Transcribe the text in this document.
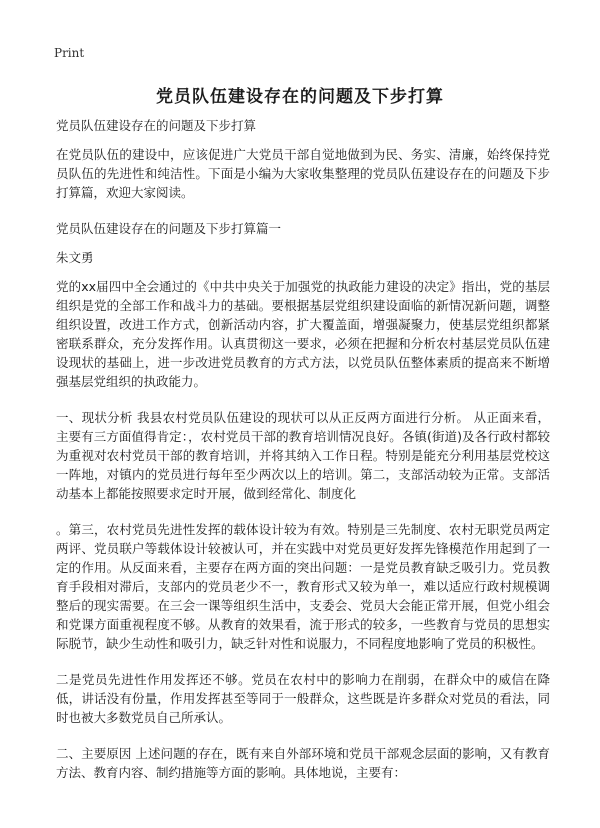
Print
党员队伍建设存在的问题及下步打算

党员队伍建设存在的问题及下步打算

在党员队伍的建设中，应该促进广大党员干部自觉地做到为民、务实、清廉，始终保持党员队伍的先进性和纯洁性。下面是小编为大家收集整理的党员队伍建设存在的问题及下步打算篇，欢迎大家阅读。

党员队伍建设存在的问题及下步打算篇一

朱文勇

党的xx届四中全会通过的《中共中央关于加强党的执政能力建设的决定》指出，党的基层组织是党的全部工作和战斗力的基础。要根据基层党组织建设面临的新情况新问题，调整组织设置，改进工作方式，创新活动内容，扩大覆盖面，增强凝聚力，使基层党组织都紧密联系群众，充分发挥作用。认真贯彻这一要求，必须在把握和分析农村基层党员队伍建设现状的基础上，进一步改进党员教育的方式方法，以党员队伍整体素质的提高来不断增强基层党组织的执政能力。

一、现状分析 我县农村党员队伍建设的现状可以从正反两方面进行分析。 从正面来看，主要有三方面值得肯定：，农村党员干部的教育培训情况良好。各镇(街道)及各行政村都较为重视对农村党员干部的教育培训，并将其纳入工作日程。特别是能充分利用基层党校这一阵地，对镇内的党员进行每年至少两次以上的培训。第二，支部活动较为正常。支部活动基本上都能按照要求定时开展，做到经常化、制度化

。第三，农村党员先进性发挥的载体设计较为有效。特别是三先制度、农村无职党员两定两评、党员联户等载体设计较被认可，并在实践中对党员更好发挥先锋模范作用起到了一定的作用。从反面来看，主要存在两方面的突出问题：一是党员教育缺乏吸引力。党员教育手段相对滞后，支部内的党员老少不一，教育形式又较为单一，难以适应行政村规模调整后的现实需要。在三会一课等组织生活中，支委会、党员大会能正常开展，但党小组会和党课方面重视程度不够。从教育的效果看，流于形式的较多，一些教育与党员的思想实际脱节，缺少生动性和吸引力，缺乏针对性和说服力，不同程度地影响了党员的积极性。

二是党员先进性作用发挥还不够。党员在农村中的影响力在削弱，在群众中的威信在降低，讲话没有份量，作用发挥甚至等同于一般群众，这些既是许多群众对党员的看法，同时也被大多数党员自己所承认。

二、主要原因 上述问题的存在，既有来自外部环境和党员干部观念层面的影响，又有教育方法、教育内容、制约措施等方面的影响。具体地说，主要有：
